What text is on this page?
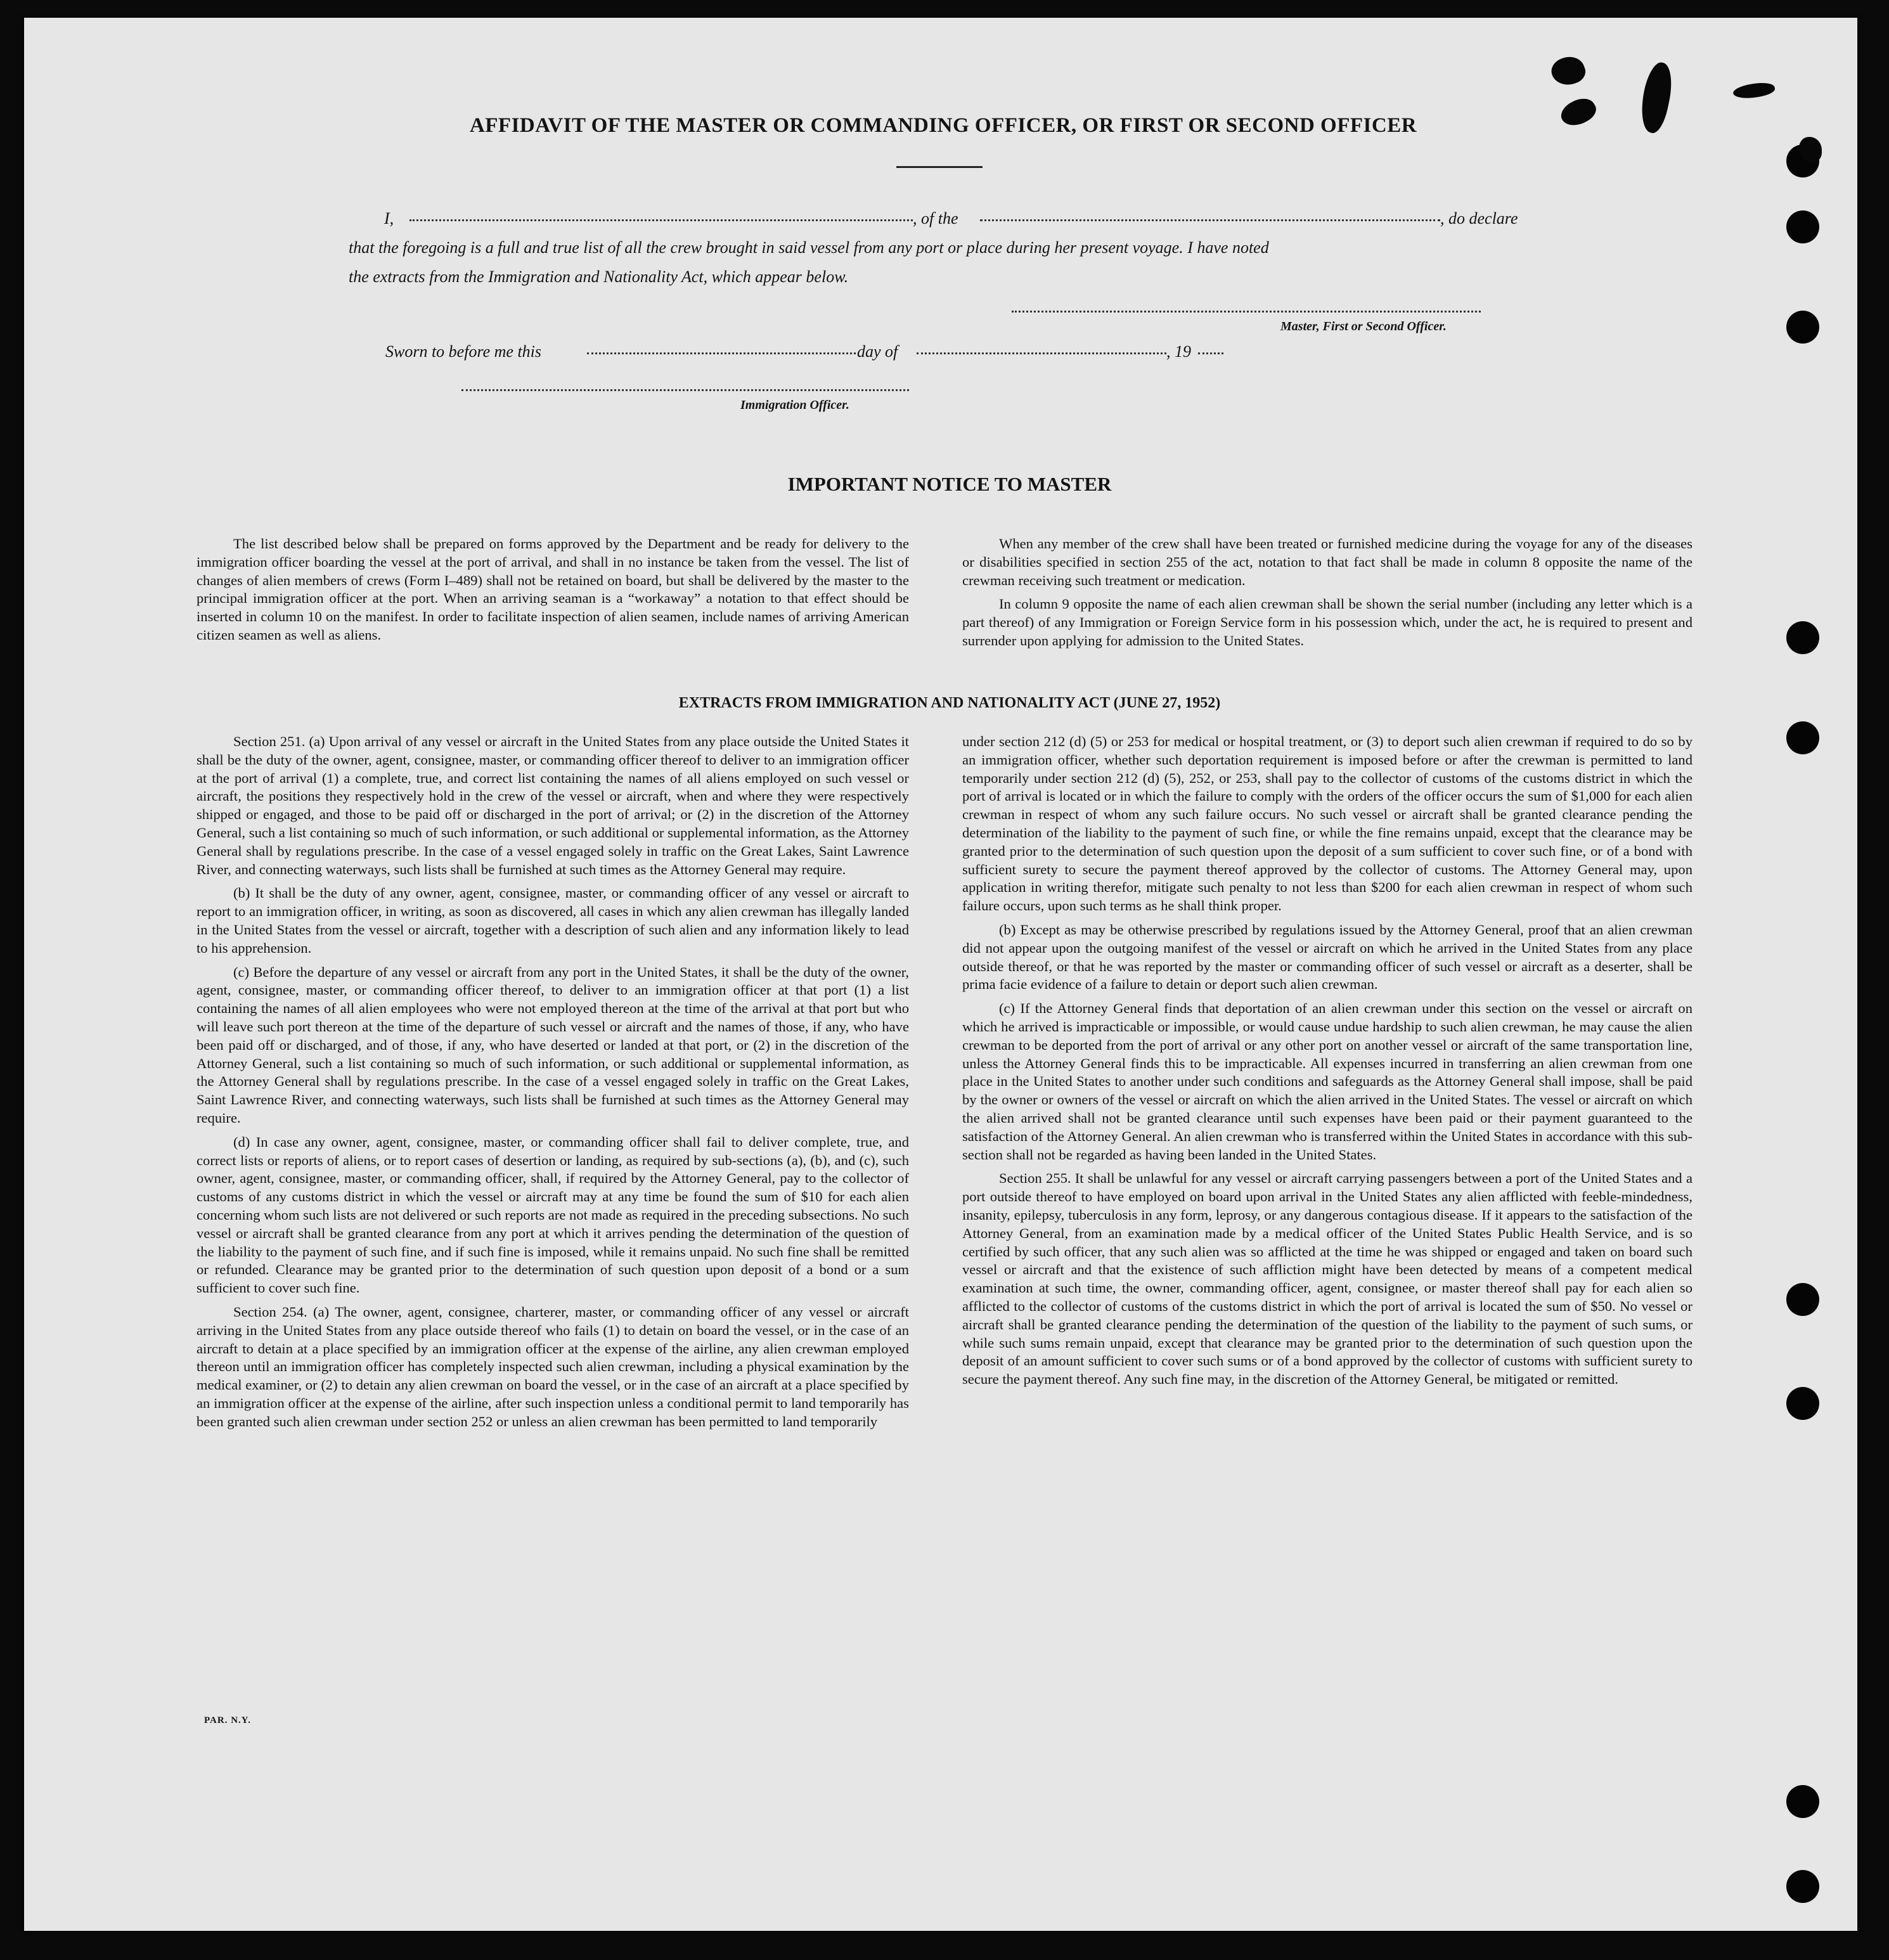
AFFIDAVIT OF THE MASTER OR COMMANDING OFFICER, OR FIRST OR SECOND OFFICER
I,	, of the	, do declare
that the foregoing is a full and true list of all the crew brought in said vessel from any port or place during her present voyage. I have noted
the extracts from the Immigration and Nationality Act, which appear below.
Master, First or Second Officer.
Sworn to before me this	day of	, 19
Immigration Officer.
IMPORTANT NOTICE TO MASTER

The list described below shall be prepared on forms approved by the Department and be ready for delivery to the immigration officer boarding the vessel at the port of arrival, and shall in no instance be taken from the vessel. The list of changes of alien members of crews (Form I–489) shall not be retained on board, but shall be delivered by the master to the principal immigration officer at the port. When an arriving seaman is a “workaway” a notation to that effect should be inserted in column 10 on the manifest. In order to facilitate inspection of alien seamen, include names of arriving American citizen seamen as well as aliens.

When any member of the crew shall have been treated or furnished medicine during the voyage for any of the diseases or disabilities specified in section 255 of the act, notation to that fact shall be made in column 8 opposite the name of the crewman receiving such treatment or medication.

In column 9 opposite the name of each alien crewman shall be shown the serial number (including any letter which is a part thereof) of any Immigration or Foreign Service form in his possession which, under the act, he is required to present and surrender upon applying for admission to the United States.

EXTRACTS FROM IMMIGRATION AND NATIONALITY ACT (JUNE 27, 1952)

Section 251. (a) Upon arrival of any vessel or aircraft in the United States from any place outside the United States it shall be the duty of the owner, agent, consignee, master, or commanding officer thereof to deliver to an immigration officer at the port of arrival (1) a complete, true, and correct list containing the names of all aliens employed on such vessel or aircraft, the positions they respectively hold in the crew of the vessel or aircraft, when and where they were respectively shipped or engaged, and those to be paid off or discharged in the port of arrival; or (2) in the discretion of the Attorney General, such a list containing so much of such information, or such additional or supplemental information, as the Attorney General shall by regulations prescribe. In the case of a vessel engaged solely in traffic on the Great Lakes, Saint Lawrence River, and connecting waterways, such lists shall be furnished at such times as the Attorney General may require.

(b) It shall be the duty of any owner, agent, consignee, master, or commanding officer of any vessel or aircraft to report to an immigration officer, in writing, as soon as discovered, all cases in which any alien crewman has illegally landed in the United States from the vessel or aircraft, together with a description of such alien and any information likely to lead to his apprehension.

(c) Before the departure of any vessel or aircraft from any port in the United States, it shall be the duty of the owner, agent, consignee, master, or commanding officer thereof, to deliver to an immigration officer at that port (1) a list containing the names of all alien employees who were not employed thereon at the time of the arrival at that port but who will leave such port thereon at the time of the departure of such vessel or aircraft and the names of those, if any, who have been paid off or discharged, and of those, if any, who have deserted or landed at that port, or (2) in the discretion of the Attorney General, such a list containing so much of such information, or such additional or supplemental information, as the Attorney General shall by regulations prescribe. In the case of a vessel engaged solely in traffic on the Great Lakes, Saint Lawrence River, and connecting waterways, such lists shall be furnished at such times as the Attorney General may require.

(d) In case any owner, agent, consignee, master, or commanding officer shall fail to deliver complete, true, and correct lists or reports of aliens, or to report cases of desertion or landing, as required by sub-sections (a), (b), and (c), such owner, agent, consignee, master, or commanding officer, shall, if required by the Attorney General, pay to the collector of customs of any customs district in which the vessel or aircraft may at any time be found the sum of $10 for each alien concerning whom such lists are not delivered or such reports are not made as required in the preceding subsections. No such vessel or aircraft shall be granted clearance from any port at which it arrives pending the determination of the question of the liability to the payment of such fine, and if such fine is imposed, while it remains unpaid. No such fine shall be remitted or refunded. Clearance may be granted prior to the determination of such question upon deposit of a bond or a sum sufficient to cover such fine.

Section 254. (a) The owner, agent, consignee, charterer, master, or commanding officer of any vessel or aircraft arriving in the United States from any place outside thereof who fails (1) to detain on board the vessel, or in the case of an aircraft to detain at a place specified by an immigration officer at the expense of the airline, any alien crewman employed thereon until an immigration officer has completely inspected such alien crewman, including a physical examination by the medical examiner, or (2) to detain any alien crewman on board the vessel, or in the case of an aircraft at a place specified by an immigration officer at the expense of the airline, after such inspection unless a conditional permit to land temporarily has been granted such alien crewman under section 252 or unless an alien crewman has been permitted to land temporarily

under section 212 (d) (5) or 253 for medical or hospital treatment, or (3) to deport such alien crewman if required to do so by an immigration officer, whether such deportation requirement is imposed before or after the crewman is permitted to land temporarily under section 212 (d) (5), 252, or 253, shall pay to the collector of customs of the customs district in which the port of arrival is located or in which the failure to comply with the orders of the officer occurs the sum of $1,000 for each alien crewman in respect of whom any such failure occurs. No such vessel or aircraft shall be granted clearance pending the determination of the liability to the payment of such fine, or while the fine remains unpaid, except that the clearance may be granted prior to the determination of such question upon the deposit of a sum sufficient to cover such fine, or of a bond with sufficient surety to secure the payment thereof approved by the collector of customs. The Attorney General may, upon application in writing therefor, mitigate such penalty to not less than $200 for each alien crewman in respect of whom such failure occurs, upon such terms as he shall think proper.

(b) Except as may be otherwise prescribed by regulations issued by the Attorney General, proof that an alien crewman did not appear upon the outgoing manifest of the vessel or aircraft on which he arrived in the United States from any place outside thereof, or that he was reported by the master or commanding officer of such vessel or aircraft as a deserter, shall be prima facie evidence of a failure to detain or deport such alien crewman.

(c) If the Attorney General finds that deportation of an alien crewman under this section on the vessel or aircraft on which he arrived is impracticable or impossible, or would cause undue hardship to such alien crewman, he may cause the alien crewman to be deported from the port of arrival or any other port on another vessel or aircraft of the same transportation line, unless the Attorney General finds this to be impracticable. All expenses incurred in transferring an alien crewman from one place in the United States to another under such conditions and safeguards as the Attorney General shall impose, shall be paid by the owner or owners of the vessel or aircraft on which the alien arrived in the United States. The vessel or aircraft on which the alien arrived shall not be granted clearance until such expenses have been paid or their payment guaranteed to the satisfaction of the Attorney General. An alien crewman who is transferred within the United States in accordance with this sub-section shall not be regarded as having been landed in the United States.

Section 255. It shall be unlawful for any vessel or aircraft carrying passengers between a port of the United States and a port outside thereof to have employed on board upon arrival in the United States any alien afflicted with feeble-mindedness, insanity, epilepsy, tuberculosis in any form, leprosy, or any dangerous contagious disease. If it appears to the satisfaction of the Attorney General, from an examination made by a medical officer of the United States Public Health Service, and is so certified by such officer, that any such alien was so afflicted at the time he was shipped or engaged and taken on board such vessel or aircraft and that the existence of such affliction might have been detected by means of a competent medical examination at such time, the owner, commanding officer, agent, consignee, or master thereof shall pay for each alien so afflicted to the collector of customs of the customs district in which the port of arrival is located the sum of $50. No vessel or aircraft shall be granted clearance pending the determination of the question of the liability to the payment of such sums, or while such sums remain unpaid, except that clearance may be granted prior to the determination of such question upon the deposit of an amount sufficient to cover such sums or of a bond approved by the collector of customs with sufficient surety to secure the payment thereof. Any such fine may, in the discretion of the Attorney General, be mitigated or remitted.

PAR. N.Y.
